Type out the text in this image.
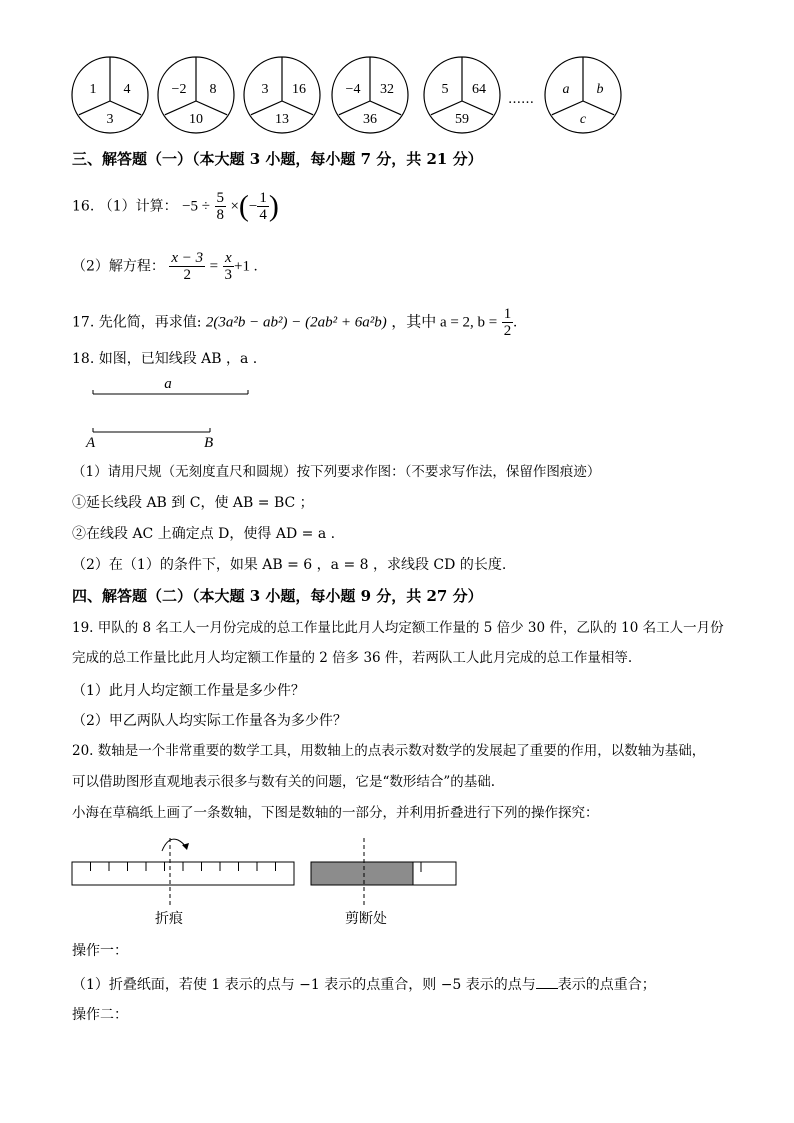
1 4
3
−2 8
10
3 16
13
−4 32
36
5 64
59
a b
c
……
三、解答题（一）（本大题 3 小题，每小题 7 分，共 21 分）
16. （1）计算： $-5 \div \frac{5}{8}$ ×(− $\frac{1}{4}$ )
（2）解方程： $\frac{x - 3}{2} = \frac{x}{3} +1$ .
17. 先化简，再求值: 2(3a²b − ab²) − (2ab² + 6a²b) ，其中 a = 2, $b = \frac{1}{2}$ .
18. 如图，已知线段 AB ，a .
a
A	B
（1）请用尺规（无刻度直尺和圆规）按下列要求作图：（不要求写作法，保留作图痕迹）
①延长线段 AB 到 C，使 AB = BC ；
②在线段 AC 上确定点 D，使得 AD = a .
（2）在（1）的条件下，如果 AB = 6 ，a = 8 ，求线段 CD 的长度.
四、解答题（二）（本大题 3 小题，每小题 9 分，共 27 分）
19. 甲队的 8 名工人一月份完成的总工作量比此月人均定额工作量的 5 倍少 30 件，乙队的 10 名工人一月份
完成的总工作量比此月人均定额工作量的 2 倍多 36 件，若两队工人此月完成的总工作量相等.
（1）此月人均定额工作量是多少件？
（2）甲乙两队人均实际工作量各为多少件？
20. 数轴是一个非常重要的数学工具，用数轴上的点表示数对数学的发展起了重要的作用，以数轴为基础，
可以借助图形直观地表示很多与数有关的问题，它是“数形结合”的基础.
小海在草稿纸上画了一条数轴，下图是数轴的一部分，并利用折叠进行下列的操作探究：
折痕	剪断处
操作一：
（1）折叠纸面，若使 1 表示的点与 −1 表示的点重合，则 −5 表示的点与 表示的点重合；
操作二：
